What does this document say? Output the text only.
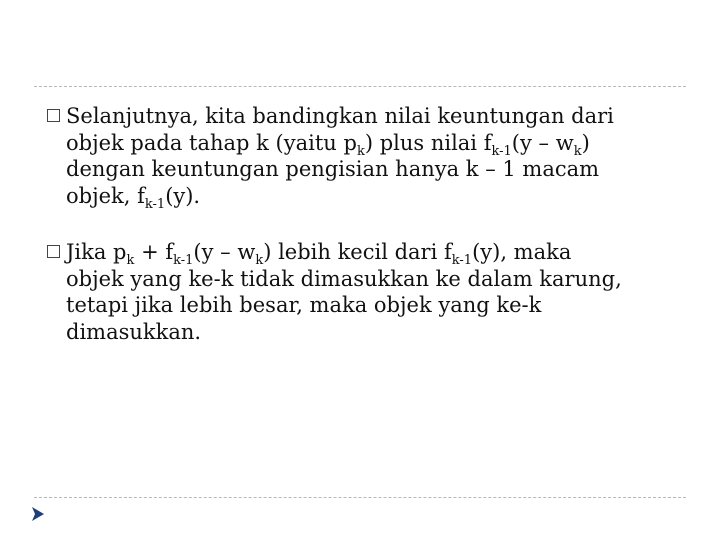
Selanjutnya, kita bandingkan nilai keuntungan dari
objek pada tahap k (yaitu $p_k$) plus nilai $f_{k-1}(y - w_k)$
dengan keuntungan pengisian hanya k – 1 macam
objek, $f_{k-1}(y)$.
Jika $p_k + f_{k-1}(y - w_k)$ lebih kecil dari $f_{k-1}(y)$, maka
objek yang ke-k tidak dimasukkan ke dalam karung,
tetapi jika lebih besar, maka objek yang ke-k
dimasukkan.
